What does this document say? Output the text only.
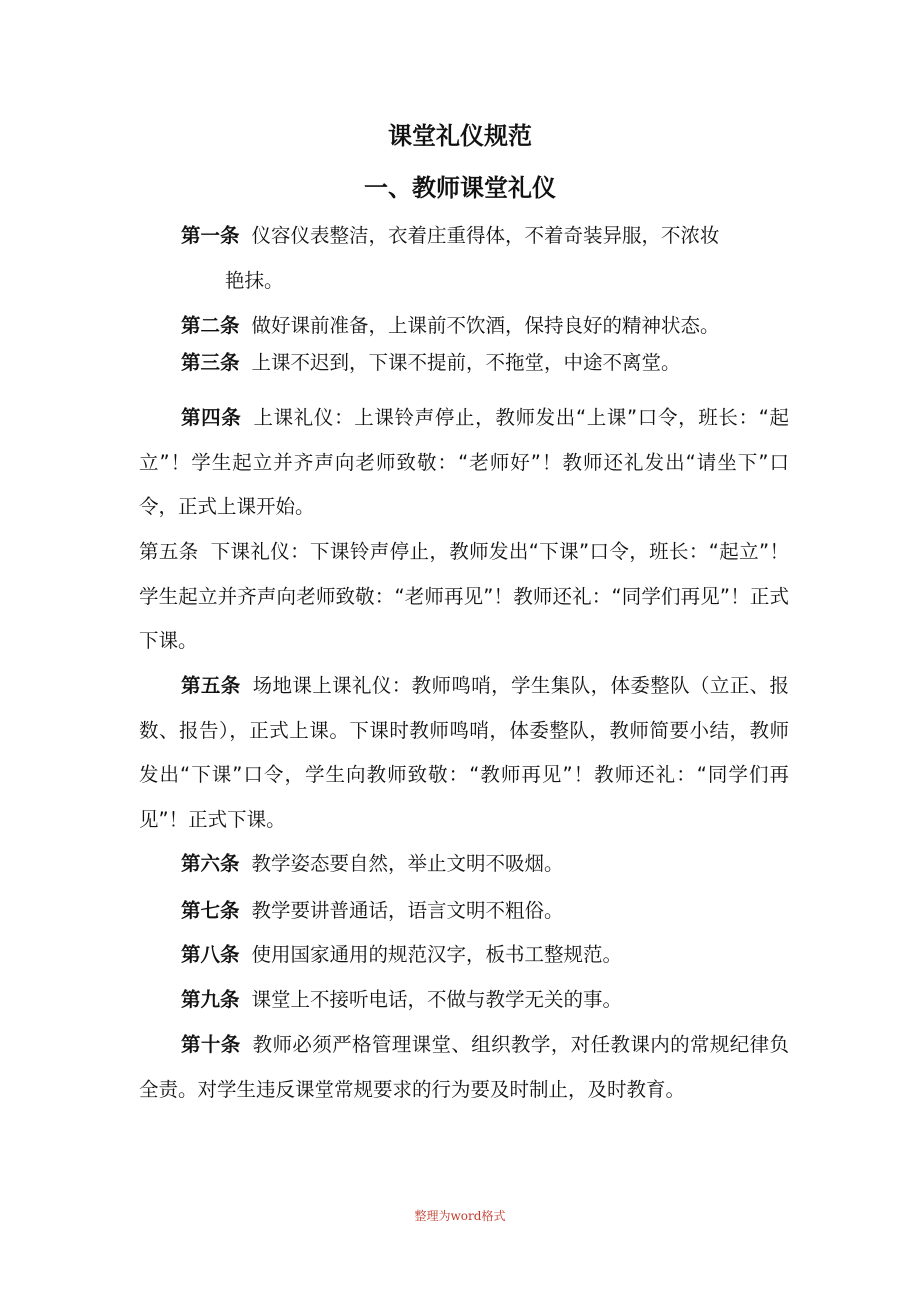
课堂礼仪规范
一、教师课堂礼仪
第一条 仪容仪表整洁，衣着庄重得体，不着奇装异服，不浓妆
艳抹。
第二条 做好课前准备，上课前不饮酒，保持良好的精神状态。
第三条 上课不迟到，下课不提前，不拖堂，中途不离堂。
第四条 上课礼仪：上课铃声停止，教师发出“上课”口令，班长：“起立”！学生起立并齐声向老师致敬：“老师好”！教师还礼发出“请坐下”口令，正式上课开始。
第五条 下课礼仪：下课铃声停止，教师发出“下课”口令，班长：“起立”！学生起立并齐声向老师致敬：“老师再见”！教师还礼：“同学们再见”！正式下课。
第五条 场地课上课礼仪：教师鸣哨，学生集队，体委整队（立正、报数、报告），正式上课。下课时教师鸣哨，体委整队，教师简要小结，教师发出“下课”口令，学生向教师致敬：“教师再见”！教师还礼：“同学们再见”！正式下课。
第六条 教学姿态要自然，举止文明不吸烟。
第七条 教学要讲普通话，语言文明不粗俗。
第八条 使用国家通用的规范汉字，板书工整规范。
第九条 课堂上不接听电话，不做与教学无关的事。
第十条 教师必须严格管理课堂、组织教学，对任教课内的常规纪律负全责。对学生违反课堂常规要求的行为要及时制止，及时教育。
整理为word格式
